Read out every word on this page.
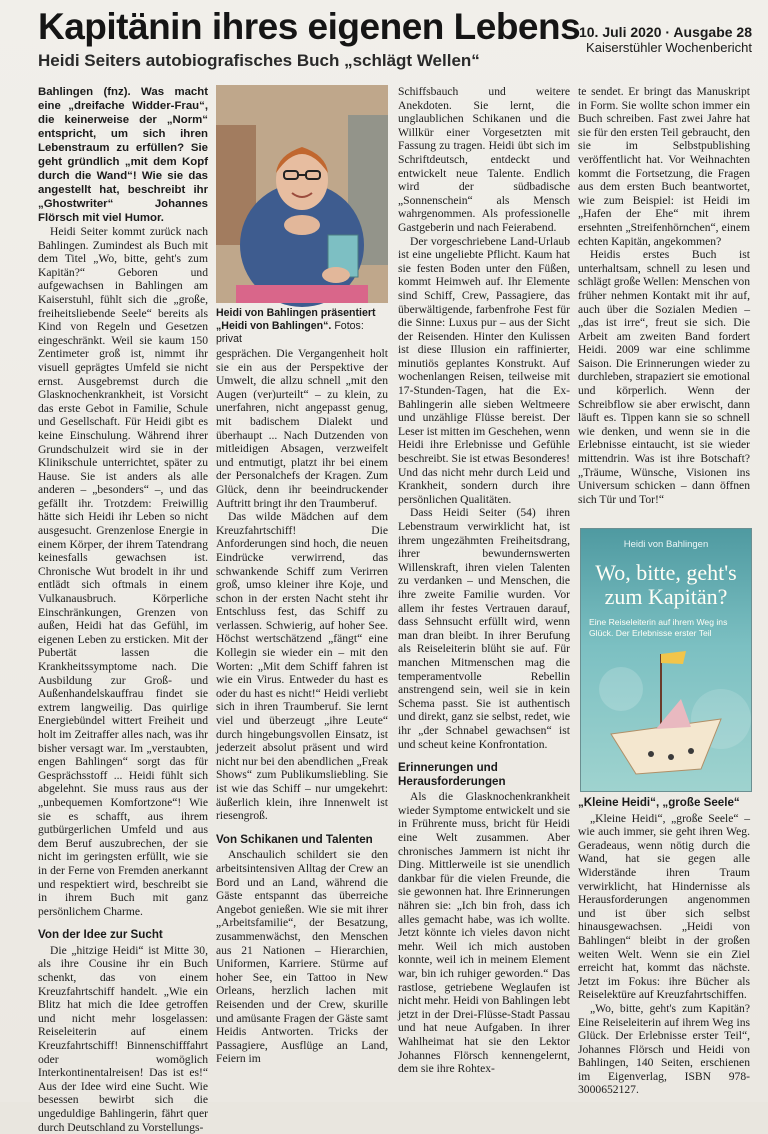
Kapitänin ihres eigenen Lebens
10. Juli 2020 · Ausgabe 28
Kaiserstühler Wochenbericht
Heidi Seiters autobiografisches Buch „schlägt Wellen“

Bahlingen (fnz). Was macht eine „dreifache Widder-Frau“, die keinerweise der „Norm“ entspricht, um sich ihren Lebenstraum zu erfüllen? Sie geht gründlich „mit dem Kopf durch die Wand“! Wie sie das angestellt hat, beschreibt ihr „Ghostwriter“ Johannes Flörsch mit viel Humor.

Heidi Seiter kommt zurück nach Bahlingen. Zumindest als Buch mit dem Titel „Wo, bitte, geht's zum Kapitän?“ Geboren und aufgewachsen in Bahlingen am Kaiserstuhl, fühlt sich die „große, freiheitsliebende Seele“ bereits als Kind von Regeln und Gesetzen eingeschränkt. Weil sie kaum 150 Zentimeter groß ist, nimmt ihr visuell geprägtes Umfeld sie nicht ernst. Ausgebremst durch die Glasknochenkrankheit, ist Vorsicht das erste Gebot in Familie, Schule und Gesellschaft. Für Heidi gibt es keine Einschulung. Während ihrer Grundschulzeit wird sie in der Klinikschule unterrichtet, später zu Hause. Sie ist anders als alle anderen – „besonders“ –, und das gefällt ihr. Trotzdem: Freiwillig hätte sich Heidi ihr Leben so nicht ausgesucht. Grenzenlose Energie in einem Körper, der ihrem Tatendrang keinesfalls gewachsen ist. Chronische Wut brodelt in ihr und entlädt sich oftmals in einem Vulkanausbruch. Körperliche Einschränkungen, Grenzen von außen, Heidi hat das Gefühl, im eigenen Leben zu ersticken. Mit der Pubertät lassen die Krankheitssymptome nach. Die Ausbildung zur Groß- und Außenhandelskauffrau findet sie extrem langweilig. Das quirlige Energiebündel wittert Freiheit und holt im Zeitraffer alles nach, was ihr bisher versagt war. Im „verstaubten, engen Bahlingen“ sorgt das für Gesprächsstoff ... Heidi fühlt sich abgelehnt. Sie muss raus aus der „unbequemen Komfortzone“! Wie sie es schafft, aus ihrem gutbürgerlichen Umfeld und aus dem Beruf auszubrechen, der sie nicht im geringsten erfüllt, wie sie in der Ferne von Fremden anerkannt und respektiert wird, beschreibt sie in ihrem Buch mit ganz persönlichem Charme.

Von der Idee zur Sucht

Die „hitzige Heidi“ ist Mitte 30, als ihre Cousine ihr ein Buch schenkt, das von einem Kreuzfahrtschiff handelt. „Wie ein Blitz hat mich die Idee getroffen und nicht mehr losgelassen: Reiseleiterin auf einem Kreuzfahrtschiff! Binnenschifffahrt oder womöglich Interkontinentalreisen! Das ist es!“ Aus der Idee wird eine Sucht. Wie besessen bewirbt sich die ungeduldige Bahlingerin, fährt quer durch Deutschland zu Vorstellungs-

Heidi von Bahlingen präsentiert „Heidi von Bahlingen“. Fotos: privat

gesprächen. Die Vergangenheit holt sie ein aus der Perspektive der Umwelt, die allzu schnell „mit den Augen (ver)urteilt“ – zu klein, zu unerfahren, nicht angepasst genug, mit badischem Dialekt und überhaupt ... Nach Dutzenden von mitleidigen Absagen, verzweifelt und entmutigt, platzt ihr bei einem der Personalchefs der Kragen. Zum Glück, denn ihr beeindruckender Auftritt bringt ihr den Traumberuf.

Das wilde Mädchen auf dem Kreuzfahrtschiff! Die Anforderungen sind hoch, die neuen Eindrücke verwirrend, das schwankende Schiff zum Verirren groß, umso kleiner ihre Koje, und schon in der ersten Nacht steht ihr Entschluss fest, das Schiff zu verlassen. Schwierig, auf hoher See. Höchst wertschätzend „fängt“ eine Kollegin sie wieder ein – mit den Worten: „Mit dem Schiff fahren ist wie ein Virus. Entweder du hast es oder du hast es nicht!“ Heidi verliebt sich in ihren Traumberuf. Sie lernt viel und überzeugt „ihre Leute“ durch hingebungsvollen Einsatz, ist jederzeit absolut präsent und wird nicht nur bei den abendlichen „Freak Shows“ zum Publikumsliebling. Sie ist wie das Schiff – nur umgekehrt: äußerlich klein, ihre Innenwelt ist riesengroß.

Von Schikanen und Talenten

Anschaulich schildert sie den arbeitsintensiven Alltag der Crew an Bord und an Land, während die Gäste entspannt das überreiche Angebot genießen. Wie sie mit ihrer „Arbeitsfamilie“, der Besatzung, zusammenwächst, den Menschen aus 21 Nationen – Hierarchien, Uniformen, Karriere. Stürme auf hoher See, ein Tattoo in New Orleans, herzlich lachen mit Reisenden und der Crew, skurille und amüsante Fragen der Gäste samt Heidis Antworten. Tricks der Passagiere, Ausflüge an Land, Feiern im

Schiffsbauch und weitere Anekdoten. Sie lernt, die unglaublichen Schikanen und die Willkür einer Vorgesetzten mit Fassung zu tragen. Heidi übt sich im Schriftdeutsch, entdeckt und entwickelt neue Talente. Endlich wird der südbadische „Sonnenschein“ als Mensch wahrgenommen. Als professionelle Gastgeberin und nach Feierabend.

Der vorgeschriebene Land-Urlaub ist eine ungeliebte Pflicht. Kaum hat sie festen Boden unter den Füßen, kommt Heimweh auf. Ihr Elemente sind Schiff, Crew, Passagiere, das überwältigende, farbenfrohe Fest für die Sinne: Luxus pur – aus der Sicht der Reisenden. Hinter den Kulissen ist diese Illusion ein raffinierter, minutiös geplantes Konstrukt. Auf wochenlangen Reisen, teilweise mit 17-Stunden-Tagen, hat die Ex-Bahlingerin alle sieben Weltmeere und unzählige Flüsse bereist. Der Leser ist mitten im Geschehen, wenn Heidi ihre Erlebnisse und Gefühle beschreibt. Sie ist etwas Besonderes! Und das nicht mehr durch Leid und Krankheit, sondern durch ihre persönlichen Qualitäten.

Dass Heidi Seiter (54) ihren Lebenstraum verwirklicht hat, ist ihrem ungezähmten Freiheitsdrang, ihrer bewundernswerten Willenskraft, ihren vielen Talenten zu verdanken – und Menschen, die ihre zweite Familie wurden. Vor allem ihr festes Vertrauen darauf, dass Sehnsucht erfüllt wird, wenn man dran bleibt. In ihrer Berufung als Reiseleiterin blüht sie auf. Für manchen Mitmenschen mag die temperamentvolle Rebellin anstrengend sein, weil sie in kein Schema passt. Sie ist authentisch und direkt, ganz sie selbst, redet, wie ihr „der Schnabel gewachsen“ ist und scheut keine Konfrontation.

Erinnerungen und Herausforderungen

Als die Glasknochenkrankheit wieder Symptome entwickelt und sie in Frührente muss, bricht für Heidi eine Welt zusammen. Aber chronisches Jammern ist nicht ihr Ding. Mittlerweile ist sie unendlich dankbar für die vielen Freunde, die sie gewonnen hat. Ihre Erinnerungen nähren sie: „Ich bin froh, dass ich alles gemacht habe, was ich wollte. Jetzt könnte ich vieles davon nicht mehr. Weil ich mich austoben konnte, weil ich in meinem Element war, bin ich ruhiger geworden.“ Das rastlose, getriebene Weglaufen ist nicht mehr. Heidi von Bahlingen lebt jetzt in der Drei-Flüsse-Stadt Passau und hat neue Aufgaben. In ihrer Wahlheimat hat sie den Lektor Johannes Flörsch kennengelernt, dem sie ihre Rohtex-

te sendet. Er bringt das Manuskript in Form. Sie wollte schon immer ein Buch schreiben. Fast zwei Jahre hat sie für den ersten Teil gebraucht, den sie im Selbstpublishing veröffentlicht hat. Vor Weihnachten kommt die Fortsetzung, die Fragen aus dem ersten Buch beantwortet, wie zum Beispiel: ist Heidi im „Hafen der Ehe“ mit ihrem ersehnten „Streifenhörnchen“, einem echten Kapitän, angekommen?

Heidis erstes Buch ist unterhaltsam, schnell zu lesen und schlägt große Wellen: Menschen von früher nehmen Kontakt mit ihr auf, auch über die Sozialen Medien – „das ist irre“, freut sie sich. Die Arbeit am zweiten Band fordert Heidi. 2009 war eine schlimme Saison. Die Erinnerungen wieder zu durchleben, strapaziert sie emotional und körperlich. Wenn der Schreibflow sie aber erwischt, dann läuft es. Tippen kann sie so schnell wie denken, und wenn sie in die Erlebnisse eintaucht, ist sie wieder mittendrin. Was ist ihre Botschaft? „Träume, Wünsche, Visionen ins Universum schicken – dann öffnen sich Tür und Tor!“

Heidi von Bahlingen
Wo, bitte, geht's zum Kapitän?
Eine Reiseleiterin auf ihrem Weg ins Glück. Der Erlebnisse erster Teil
„Kleine Heidi“, „große Seele“

„Kleine Heidi“, „große Seele“ – wie auch immer, sie geht ihren Weg. Geradeaus, wenn nötig durch die Wand, hat sie gegen alle Widerstände ihren Traum verwirklicht, hat Hindernisse als Herausforderungen angenommen und ist über sich selbst hinausgewachsen. „Heidi von Bahlingen“ bleibt in der großen weiten Welt. Wenn sie ein Ziel erreicht hat, kommt das nächste. Jetzt im Fokus: ihre Bücher als Reiselektüre auf Kreuzfahrtschiffen.

„Wo, bitte, geht's zum Kapitän? Eine Reiseleiterin auf ihrem Weg ins Glück. Der Erlebnisse erster Teil“, Johannes Flörsch und Heidi von Bahlingen, 140 Seiten, erschienen im Eigenverlag, ISBN 978-3000652127.
